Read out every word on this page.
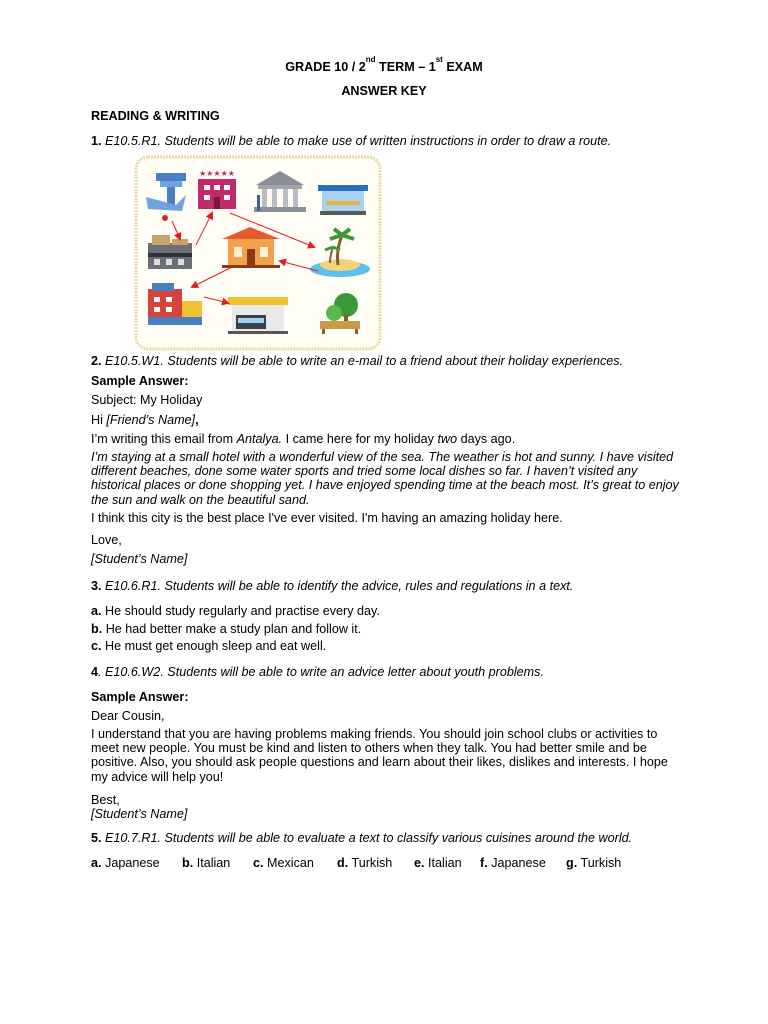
GRADE 10 / 2nd TERM – 1st EXAM
ANSWER KEY
READING & WRITING
1. E10.5.R1. Students will be able to make use of written instructions in order to draw a route.
★★★★★
2. E10.5.W1. Students will be able to write an e-mail to a friend about their holiday experiences.
Sample Answer:
Subject: My Holiday
Hi [Friend’s Name],
I’m writing this email from Antalya. I came here for my holiday two days ago.
I’m staying at a small hotel with a wonderful view of the sea. The weather is hot and sunny. I have visited different beaches, done some water sports and tried some local dishes so far. I haven’t visited any historical places or done shopping yet. I have enjoyed spending time at the beach most. It’s great to enjoy the sun and walk on the beautiful sand.
I think this city is the best place I've ever visited. I'm having an amazing holiday here.
Love,
[Student’s Name]
3. E10.6.R1. Students will be able to identify the advice, rules and regulations in a text.
a. He should study regularly and practise every day.
b. He had better make a study plan and follow it.
c. He must get enough sleep and eat well.
4. E10.6.W2. Students will be able to write an advice letter about youth problems.
Sample Answer:
Dear Cousin,
I understand that you are having problems making friends. You should join school clubs or activities to meet new people. You must be kind and listen to others when they talk. You had better smile and be positive. Also, you should ask people questions and learn about their likes, dislikes and interests. I hope my advice will help you!
Best,
[Student’s Name]
5. E10.7.R1. Students will be able to evaluate a text to classify various cuisines around the world.
a. Japanese b. Italian c. Mexican d. Turkish e. Italian f. Japanese g. Turkish
